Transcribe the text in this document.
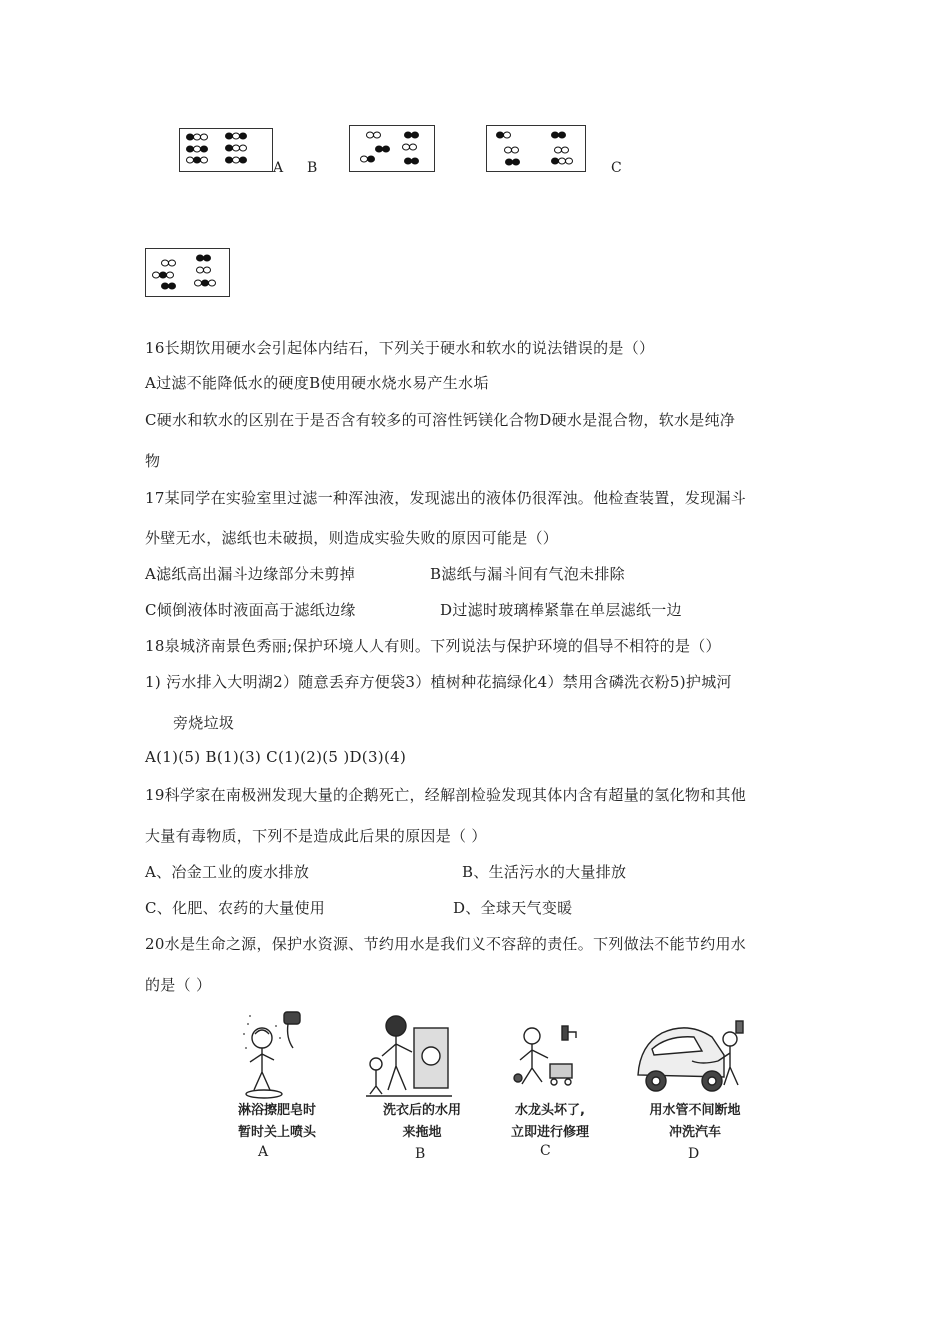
A B	C
16长期饮用硬水会引起体内结石，下列关于硬水和软水的说法错误的是（）
A过滤不能降低水的硬度B使用硬水烧水易产生水垢
C硬水和软水的区别在于是否含有较多的可溶性钙镁化合物D硬水是混合物，软水是纯净
物
17某同学在实验室里过滤一种浑浊液，发现滤出的液体仍很浑浊。他检查装置，发现漏斗
外壁无水，滤纸也未破损，则造成实验失败的原因可能是（）
A滤纸高出漏斗边缘部分未剪掉	B滤纸与漏斗间有气泡未排除
C倾倒液体时液面高于滤纸边缘	D过滤时玻璃棒紧靠在单层滤纸一边
18泉城济南景色秀丽;保护环境人人有则。下列说法与保护环境的倡导不相符的是（）
1) 污水排入大明湖2）随意丢弃方便袋3）植树种花搞绿化4）禁用含磷洗衣粉5)护城河
旁烧垃圾
A(1)(5) B(1)(3) C(1)(2)(5 )D(3)(4)
19科学家在南极洲发现大量的企鹅死亡，经解剖检验发现其体内含有超量的氢化物和其他
大量有毒物质，下列不是造成此后果的原因是（ ）
A、冶金工业的废水排放	B、生活污水的大量排放
C、化肥、农药的大量使用	D、全球天气变暖
20水是生命之源，保护水资源、节约用水是我们义不容辞的责任。下列做法不能节约用水
的是（ ）
淋浴擦肥皂时
暂时关上喷头
A
洗衣后的水用
来拖地
B
水龙头坏了,
立即进行修理
C
用水管不间断地
冲洗汽车
D
